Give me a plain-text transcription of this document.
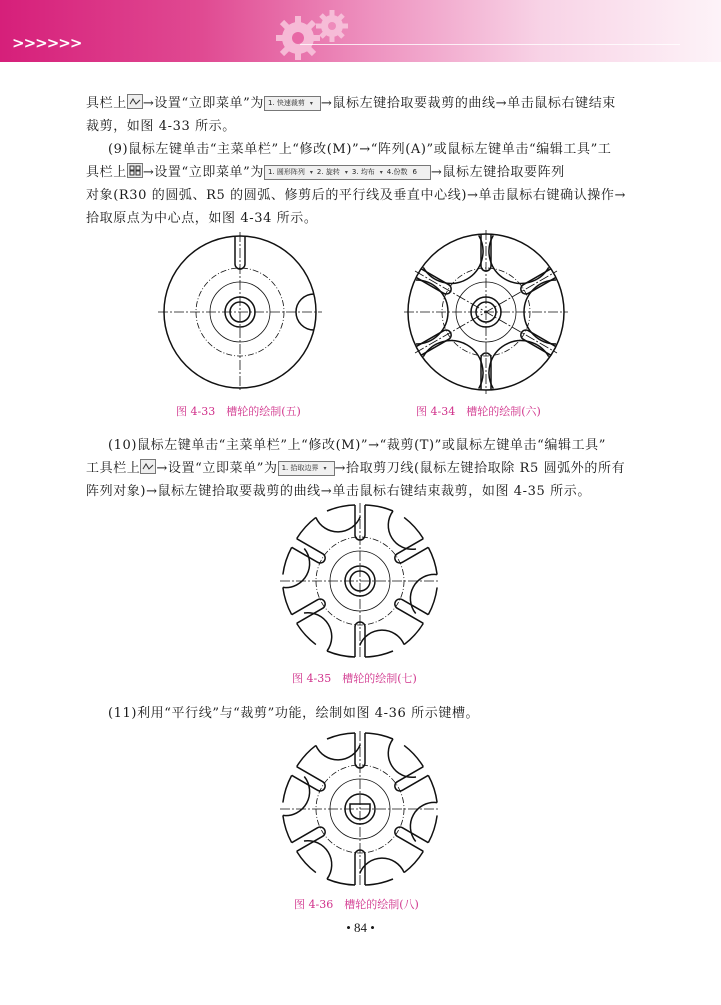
>>>>>>
具栏上 →设置“立即菜单”为 1. 快速裁剪 ▾ →鼠标左键拾取要裁剪的曲线→单击鼠标右键结束
裁剪，如图 4-33 所示。
(9)鼠标左键单击“主菜单栏”上“修改(M)”→“阵列(A)”或鼠标左键单击“编辑工具”工
具栏上 →设置“立即菜单”为 1. 圆形阵列 ▾ 2. 旋转 ▾ 3. 均布 ▾ 4.份数 6 →鼠标左键拾取要阵列
对象(R30 的圆弧、R5 的圆弧、修剪后的平行线及垂直中心线)→单击鼠标右键确认操作→
拾取原点为中心点，如图 4-34 所示。
图 4-33　槽轮的绘制(五)	图 4-34　槽轮的绘制(六)
(10)鼠标左键单击“主菜单栏”上“修改(M)”→“裁剪(T)”或鼠标左键单击“编辑工具”
工具栏上 →设置“立即菜单”为 1. 拾取边界 ▾ →拾取剪刀线(鼠标左键拾取除 R5 圆弧外的所有
阵列对象)→鼠标左键拾取要裁剪的曲线→单击鼠标右键结束裁剪，如图 4-35 所示。
图 4-35　槽轮的绘制(七)
(11)利用“平行线”与“裁剪”功能，绘制如图 4-36 所示键槽。
图 4-36　槽轮的绘制(八)
• 84 •
